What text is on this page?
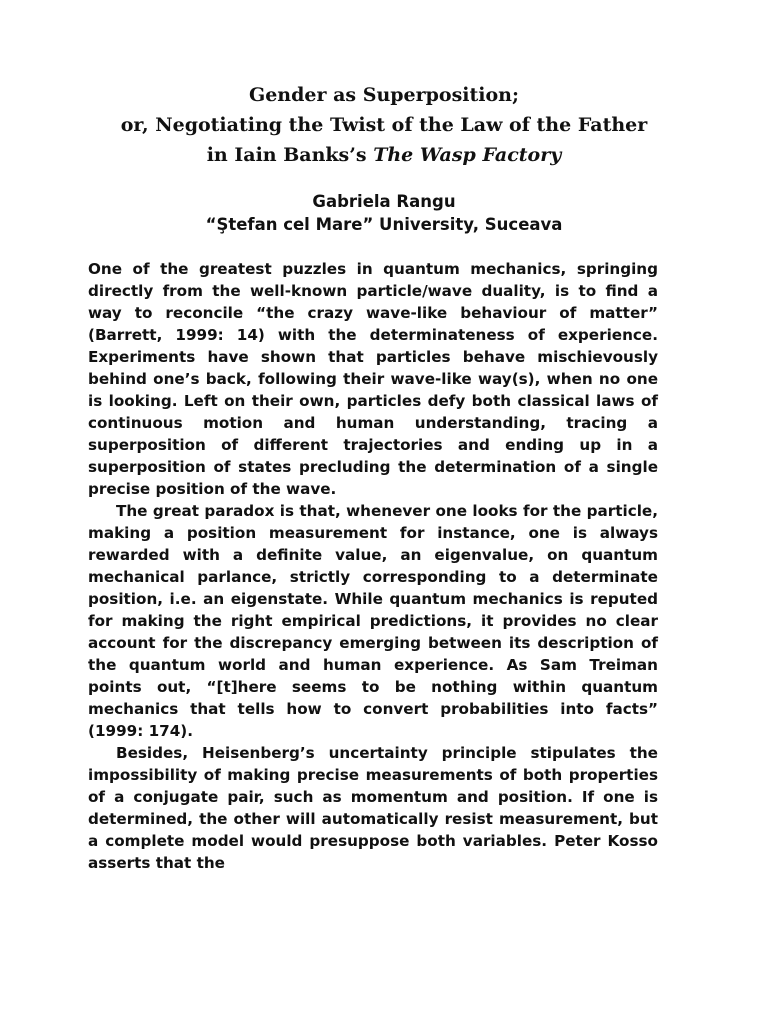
Gender as Superposition;
or, Negotiating the Twist of the Law of the Father
in Iain Banks’s The Wasp Factory
Gabriela Rangu
“Ştefan cel Mare” University, Suceava

One of the greatest puzzles in quantum mechanics, springing directly from the well-known particle/wave duality, is to find a way to reconcile “the crazy wave-like behaviour of matter” (Barrett, 1999: 14) with the determinateness of experience. Experiments have shown that particles behave mischievously behind one’s back, following their wave-like way(s), when no one is looking. Left on their own, particles defy both classical laws of continuous motion and human understanding, tracing a superposition of different trajectories and ending up in a superposition of states precluding the determination of a single precise position of the wave.

The great paradox is that, whenever one looks for the particle, making a position measurement for instance, one is always rewarded with a definite value, an eigenvalue, on quantum mechanical parlance, strictly corresponding to a determinate position, i.e. an eigenstate. While quantum mechanics is reputed for making the right empirical predictions, it provides no clear account for the discrepancy emerging between its description of the quantum world and human experience. As Sam Treiman points out, “[t]here seems to be nothing within quantum mechanics that tells how to convert probabilities into facts” (1999: 174).

Besides, Heisenberg’s uncertainty principle stipulates the impossibility of making precise measurements of both properties of a conjugate pair, such as momentum and position. If one is determined, the other will automatically resist measurement, but a complete model would presuppose both variables. Peter Kosso asserts that the
